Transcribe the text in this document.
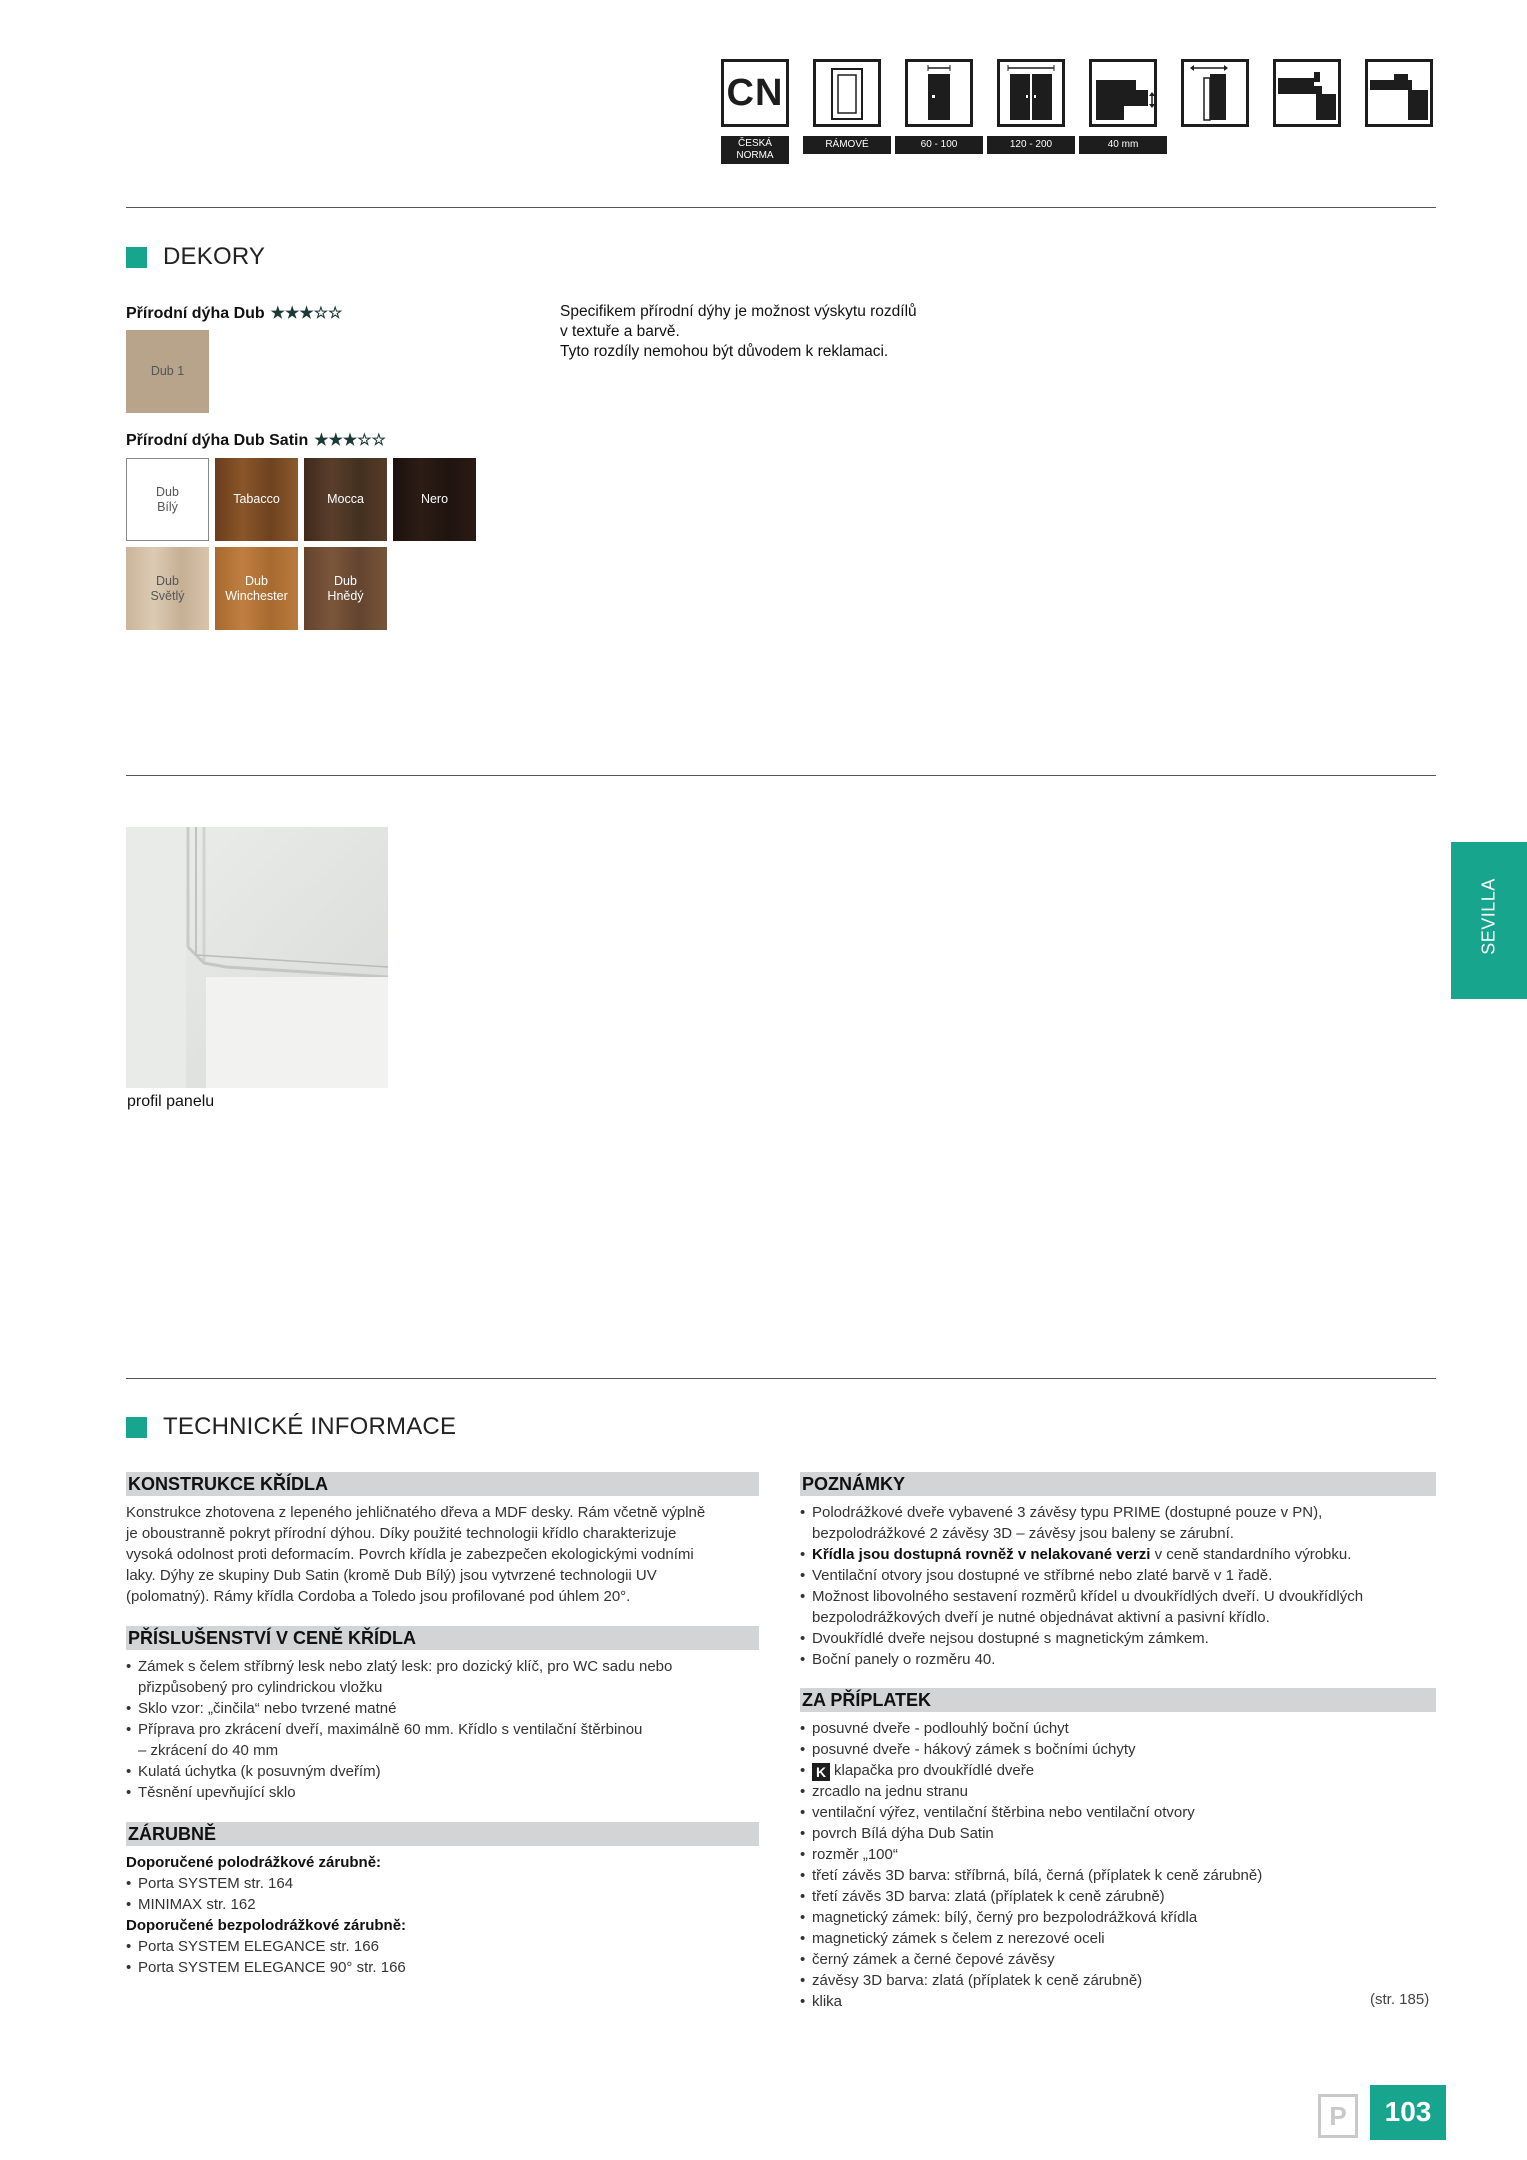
CN
ČESKÁ
NORMA
RÁMOVÉ	60 - 100	120 - 200	40 mm
DEKORY
Přírodní dýha Dub ★★★☆☆
Dub 1
Specifikem přírodní dýhy je možnost výskytu rozdílů
v textuře a barvě.
Tyto rozdíly nemohou být důvodem k reklamaci.
Přírodní dýha Dub Satin ★★★☆☆
Dub
Bílý
Tabacco	Mocca	Nero
Dub
Světlý
Dub
Winchester
Dub
Hnědý
profil panelu
SEVILLA
TECHNICKÉ INFORMACE
KONSTRUKCE KŘÍDLA
Konstrukce zhotovena z lepeného jehličnatého dřeva a MDF desky. Rám včetně výplně
je oboustranně pokryt přírodní dýhou. Díky použité technologii křídlo charakterizuje
vysoká odolnost proti deformacím. Povrch křídla je zabezpečen ekologickými vodními
laky. Dýhy ze skupiny Dub Satin (kromě Dub Bílý) jsou vytvrzené technologii UV
(polomatný). Rámy křídla Cordoba a Toledo jsou profilované pod úhlem 20°.
PŘÍSLUŠENSTVÍ V CENĚ KŘÍDLA
• Zámek s čelem stříbrný lesk nebo zlatý lesk: pro dozický klíč, pro WC sadu nebo
přizpůsobený pro cylindrickou vložku
• Sklo vzor: „činčila“ nebo tvrzené matné
• Příprava pro zkrácení dveří, maximálně 60 mm. Křídlo s ventilační štěrbinou
– zkrácení do 40 mm
• Kulatá úchytka (k posuvným dveřím)
• Těsnění upevňující sklo
ZÁRUBNĚ
Doporučené polodrážkové zárubně:
• Porta SYSTEM str. 164
• MINIMAX str. 162
Doporučené bezpolodrážkové zárubně:
• Porta SYSTEM ELEGANCE str. 166
• Porta SYSTEM ELEGANCE 90° str. 166
POZNÁMKY
• Polodrážkové dveře vybavené 3 závěsy typu PRIME (dostupné pouze v PN),
bezpolodrážkové 2 závěsy 3D – závěsy jsou baleny se zárubní.
• Křídla jsou dostupná rovněž v nelakované verzi v ceně standardního výrobku.
• Ventilační otvory jsou dostupné ve stříbrné nebo zlaté barvě v 1 řadě.
• Možnost libovolného sestavení rozměrů křídel u dvoukřídlých dveří. U dvoukřídlých
bezpolodrážkových dveří je nutné objednávat aktivní a pasivní křídlo.
• Dvoukřídlé dveře nejsou dostupné s magnetickým zámkem.
• Boční panely o rozměru 40.
ZA PŘÍPLATEK
• posuvné dveře - podlouhlý boční úchyt
• posuvné dveře - hákový zámek s bočními úchyty
• K klapačka pro dvoukřídlé dveře
• zrcadlo na jednu stranu
• ventilační výřez, ventilační štěrbina nebo ventilační otvory
• povrch Bílá dýha Dub Satin
• rozměr „100“
• třetí závěs 3D barva: stříbrná, bílá, černá (příplatek k ceně zárubně)
• třetí závěs 3D barva: zlatá (příplatek k ceně zárubně)
• magnetický zámek: bílý, černý pro bezpolodrážková křídla
• magnetický zámek s čelem z nerezové oceli
• černý zámek a černé čepové závěsy
• závěsy 3D barva: zlatá (příplatek k ceně zárubně)
• klika	(str. 185)
P	103
